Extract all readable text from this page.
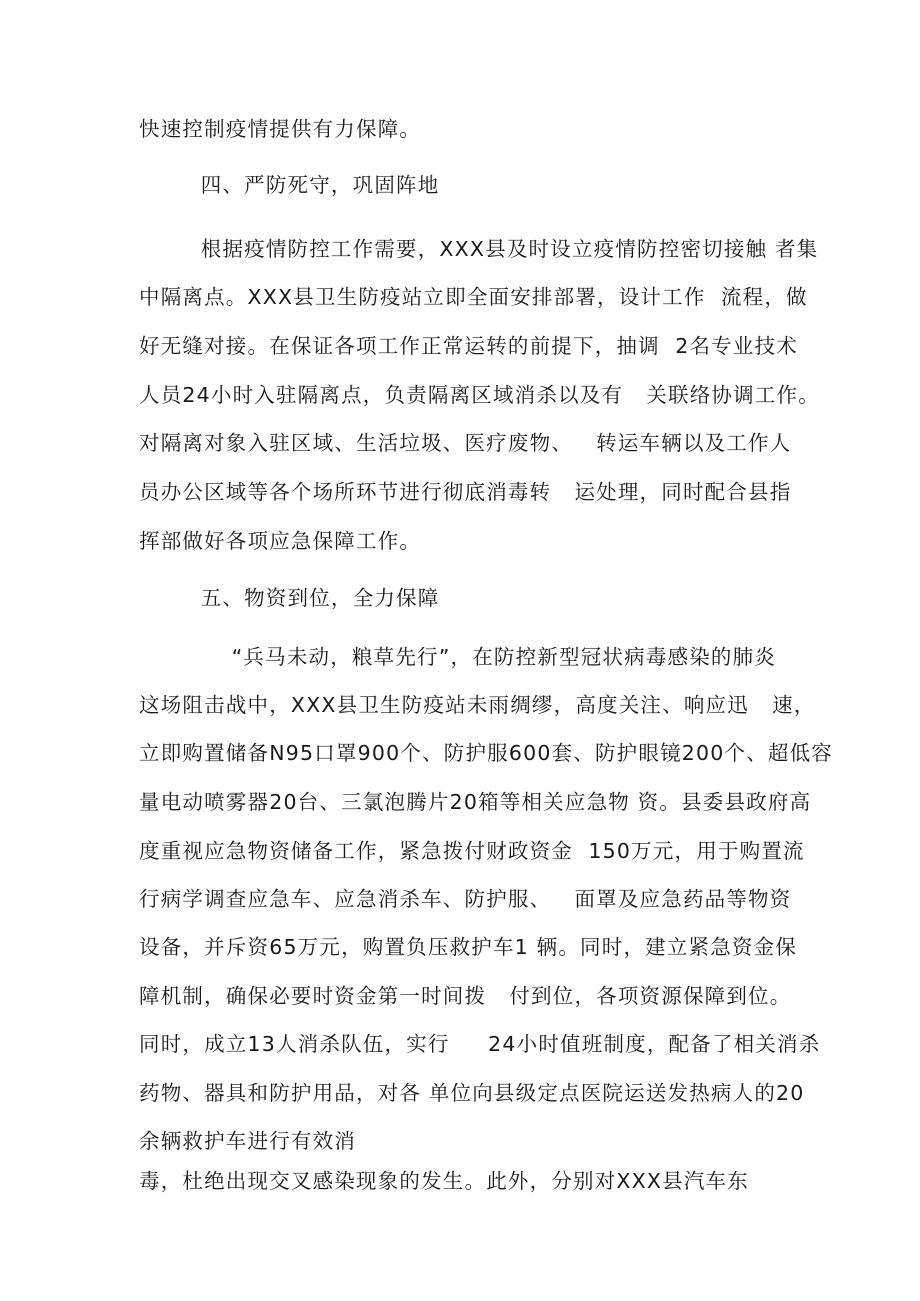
快速控制疫情提供有力保障。
四、严防死守，巩固阵地
根据疫情防控工作需要，XXX县及时设立疫情防控密切接触 者集
中隔离点。XXX县卫生防疫站立即全面安排部署，设计工作  流程，做
好无缝对接。在保证各项工作正常运转的前提下，抽调  2名专业技术
人员24小时入驻隔离点，负责隔离区域消杀以及有   关联络协调工作。
对隔离对象入驻区域、生活垃圾、医疗废物、   转运车辆以及工作人
员办公区域等各个场所环节进行彻底消毒转   运处理，同时配合县指
挥部做好各项应急保障工作。
五、物资到位，全力保障
“兵马未动，粮草先行”，在防控新型冠状病毒感染的肺炎
这场阻击战中，XXX县卫生防疫站未雨绸缪，高度关注、响应迅   速，
立即购置储备N95口罩900个、防护服600套、防护眼镜200个、超低容
量电动喷雾器20台、三氯泡腾片20箱等相关应急物 资。县委县政府高
度重视应急物资储备工作，紧急拨付财政资金  150万元，用于购置流
行病学调查应急车、应急消杀车、防护服、   面罩及应急药品等物资
设备，并斥资65万元，购置负压救护车1 辆。同时，建立紧急资金保
障机制，确保必要时资金第一时间拨   付到位，各项资源保障到位。
同时，成立13人消杀队伍，实行     24小时值班制度，配备了相关消杀
药物、器具和防护用品，对各 单位向县级定点医院运送发热病人的20
余辆救护车进行有效消
毒，杜绝出现交叉感染现象的发生。此外，分别对XXX县汽车东
